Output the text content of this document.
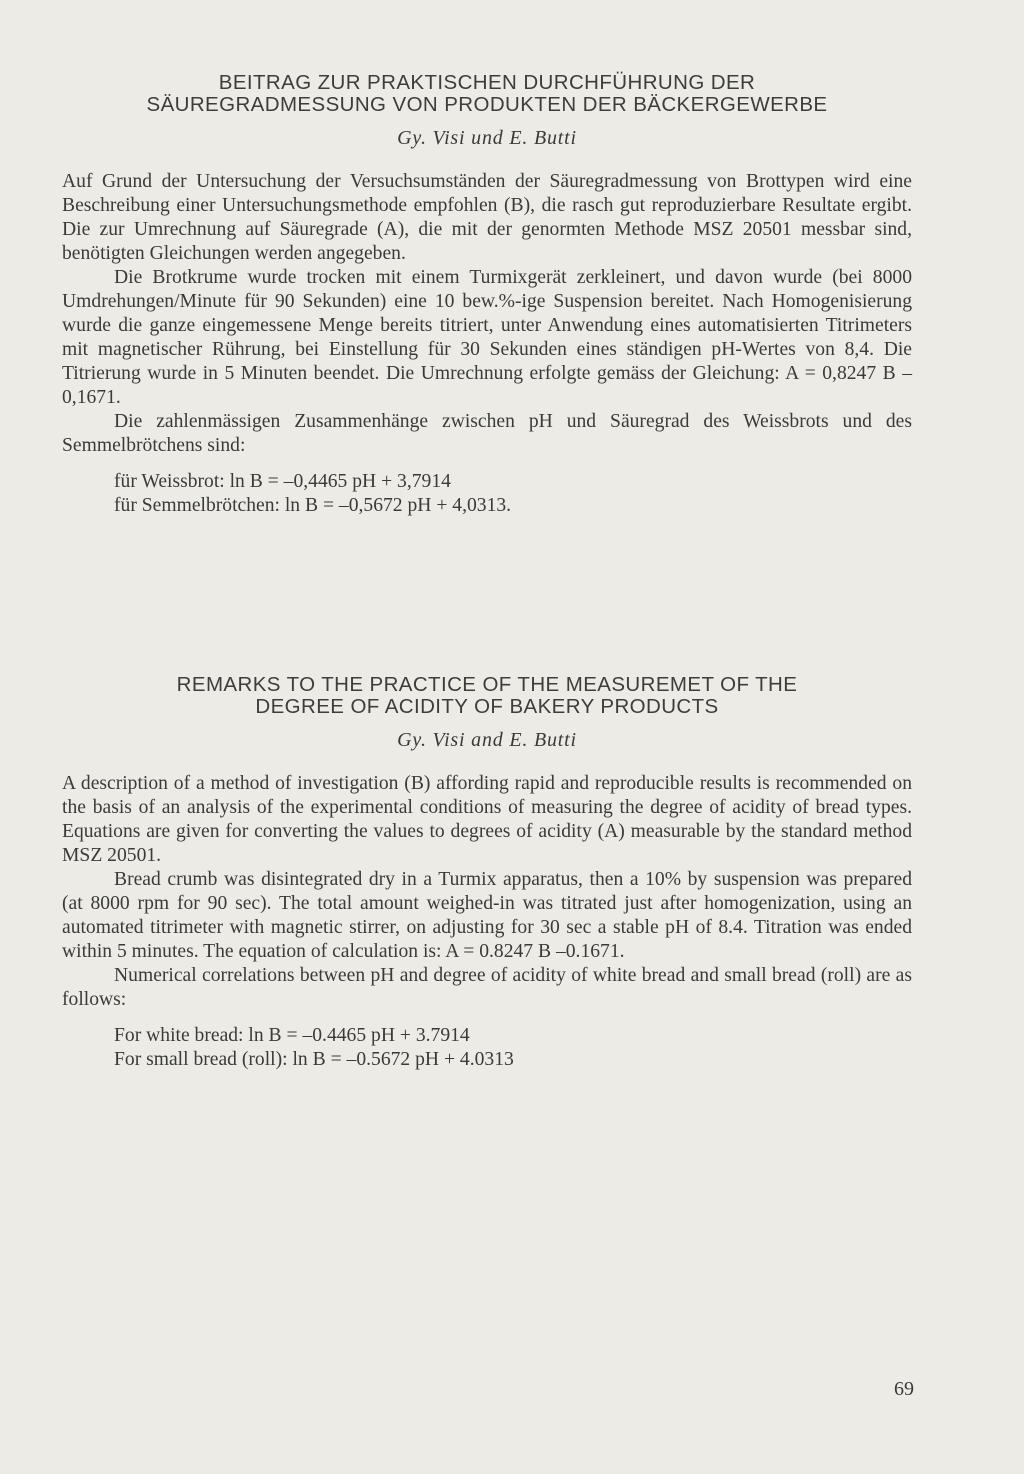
BEITRAG ZUR PRAKTISCHEN DURCHFÜHRUNG DER
SÄUREGRADMESSUNG VON PRODUKTEN DER BÄCKERGEWERBE
Gy. Visi und E. Butti

Auf Grund der Untersuchung der Versuchsumständen der Säuregradmessung von Brottypen wird eine Beschreibung einer Untersuchungsmethode empfohlen (B), die rasch gut reproduzierbare Resultate ergibt. Die zur Umrechnung auf Säuregrade (A), die mit der genormten Methode MSZ 20501 messbar sind, benötigten Gleichungen werden angegeben.

Die Brotkrume wurde trocken mit einem Turmixgerät zerkleinert, und davon wurde (bei 8000 Umdrehungen/Minute für 90 Sekunden) eine 10 bew.%-ige Suspension bereitet. Nach Homogenisierung wurde die ganze eingemessene Menge bereits titriert, unter Anwendung eines automatisierten Titrimeters mit magnetischer Rührung, bei Einstellung für 30 Sekunden eines ständigen pH-Wertes von 8,4. Die Titrierung wurde in 5 Minuten beendet. Die Umrechnung erfolgte gemäss der Gleichung: A = 0,8247 B – 0,1671.

Die zahlenmässigen Zusammenhänge zwischen pH und Säuregrad des Weissbrots und des Semmelbrötchens sind:

für Weissbrot: ln B = –0,4465 pH + 3,7914
für Semmelbrötchen: ln B = –0,5672 pH + 4,0313.
REMARKS TO THE PRACTICE OF THE MEASUREMET OF THE
DEGREE OF ACIDITY OF BAKERY PRODUCTS
Gy. Visi and E. Butti

A description of a method of investigation (B) affording rapid and reproducible results is recommended on the basis of an analysis of the experimental conditions of measuring the degree of acidity of bread types. Equations are given for converting the values to degrees of acidity (A) measurable by the standard method MSZ 20501.

Bread crumb was disintegrated dry in a Turmix apparatus, then a 10% by suspension was prepared (at 8000 rpm for 90 sec). The total amount weighed-in was titrated just after homogenization, using an automated titrimeter with magnetic stirrer, on adjusting for 30 sec a stable pH of 8.4. Titration was ended within 5 minutes. The equation of calculation is: A = 0.8247 B –0.1671.

Numerical correlations between pH and degree of acidity of white bread and small bread (roll) are as follows:

For white bread: ln B = –0.4465 pH + 3.7914
For small bread (roll): ln B = –0.5672 pH + 4.0313
69
